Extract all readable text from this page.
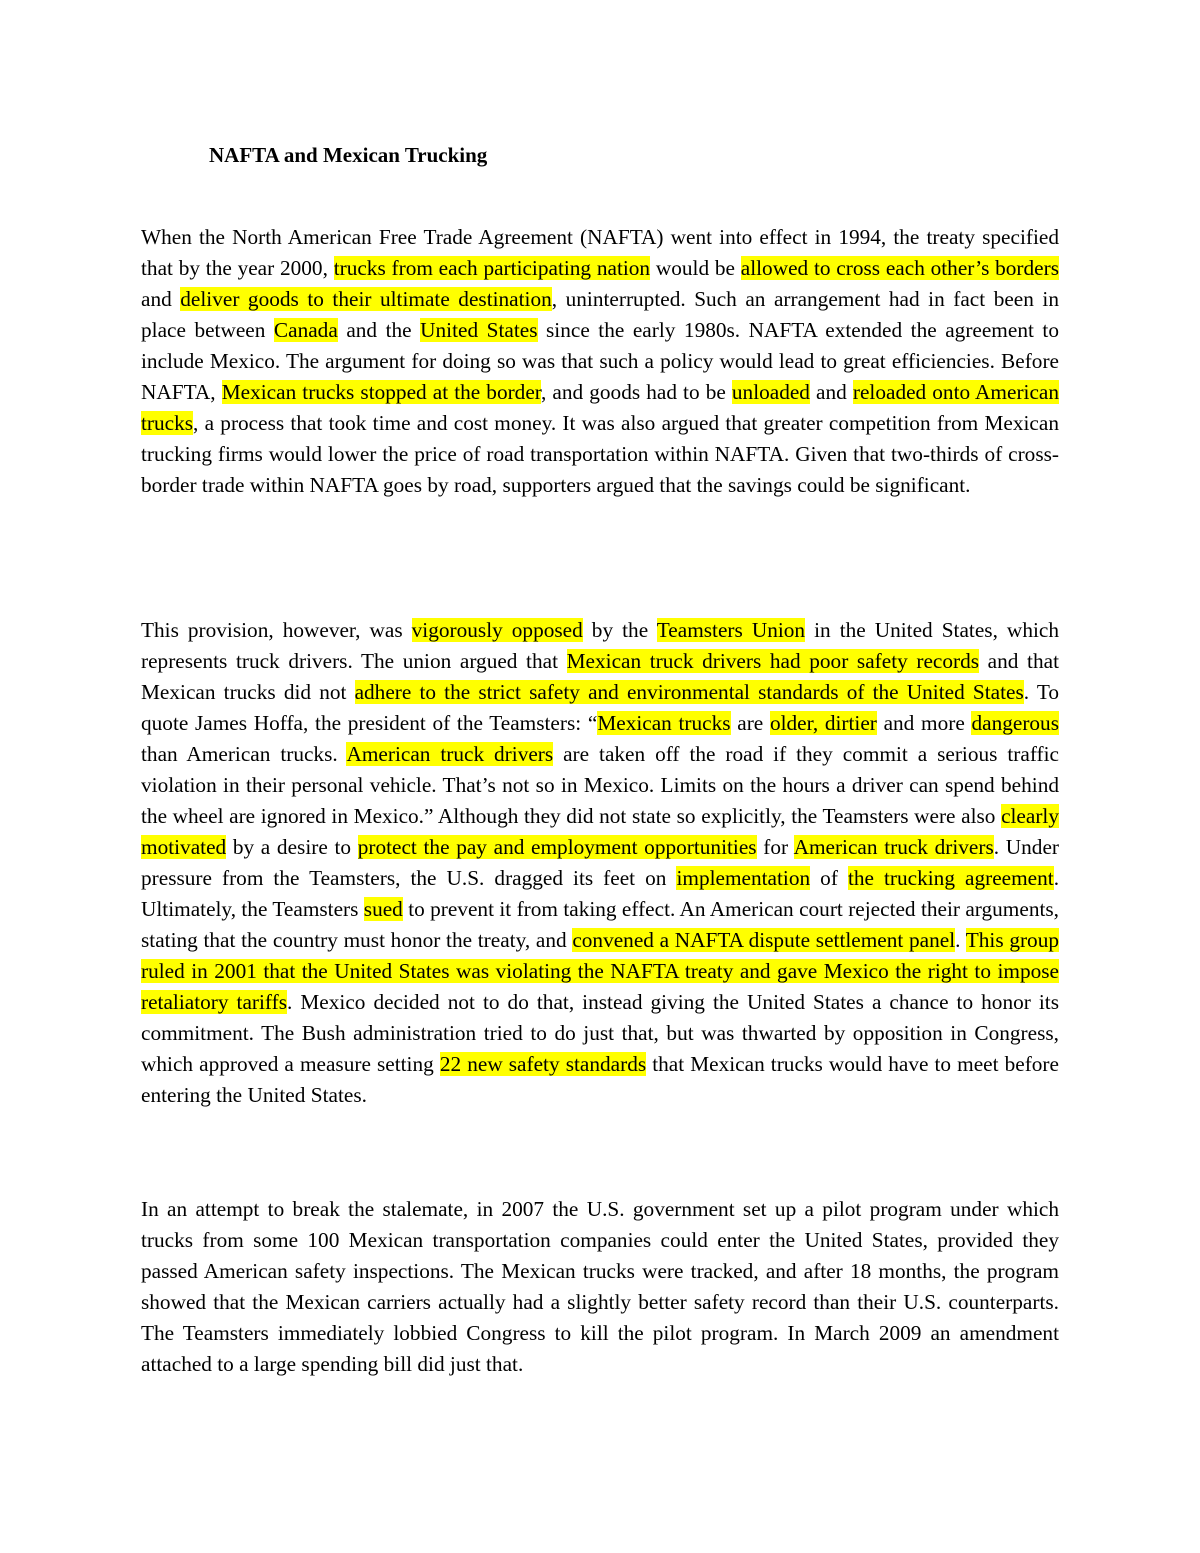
NAFTA and Mexican Trucking

When the North American Free Trade Agreement (NAFTA) went into effect in 1994, the treaty specified that by the year 2000, trucks from each participating nation would be allowed to cross each other’s borders and deliver goods to their ultimate destination, uninterrupted. Such an arrangement had in fact been in place between Canada and the United States since the early 1980s. NAFTA extended the agreement to include Mexico. The argument for doing so was that such a policy would lead to great efficiencies. Before NAFTA, Mexican trucks stopped at the border, and goods had to be unloaded and reloaded onto American trucks, a process that took time and cost money. It was also argued that greater competition from Mexican trucking firms would lower the price of road transportation within NAFTA. Given that two-thirds of cross-border trade within NAFTA goes by road, supporters argued that the savings could be significant.

This provision, however, was vigorously opposed by the Teamsters Union in the United States, which represents truck drivers. The union argued that Mexican truck drivers had poor safety records and that Mexican trucks did not adhere to the strict safety and environmental standards of the United States. To quote James Hoffa, the president of the Teamsters: “Mexican trucks are older, dirtier and more dangerous than American trucks. American truck drivers are taken off the road if they commit a serious traffic violation in their personal vehicle. That’s not so in Mexico. Limits on the hours a driver can spend behind the wheel are ignored in Mexico.” Although they did not state so explicitly, the Teamsters were also clearly motivated by a desire to protect the pay and employment opportunities for American truck drivers. Under pressure from the Teamsters, the U.S. dragged its feet on implementation of the trucking agreement. Ultimately, the Teamsters sued to prevent it from taking effect. An American court rejected their arguments, stating that the country must honor the treaty, and convened a NAFTA dispute settlement panel. This group ruled in 2001 that the United States was violating the NAFTA treaty and gave Mexico the right to impose retaliatory tariffs. Mexico decided not to do that, instead giving the United States a chance to honor its commitment. The Bush administration tried to do just that, but was thwarted by opposition in Congress, which approved a measure setting 22 new safety standards that Mexican trucks would have to meet before entering the United States.

In an attempt to break the stalemate, in 2007 the U.S. government set up a pilot program under which trucks from some 100 Mexican transportation companies could enter the United States, provided they passed American safety inspections. The Mexican trucks were tracked, and after 18 months, the program showed that the Mexican carriers actually had a slightly better safety record than their U.S. counterparts. The Teamsters immediately lobbied Congress to kill the pilot program. In March 2009 an amendment attached to a large spending bill did just that.
